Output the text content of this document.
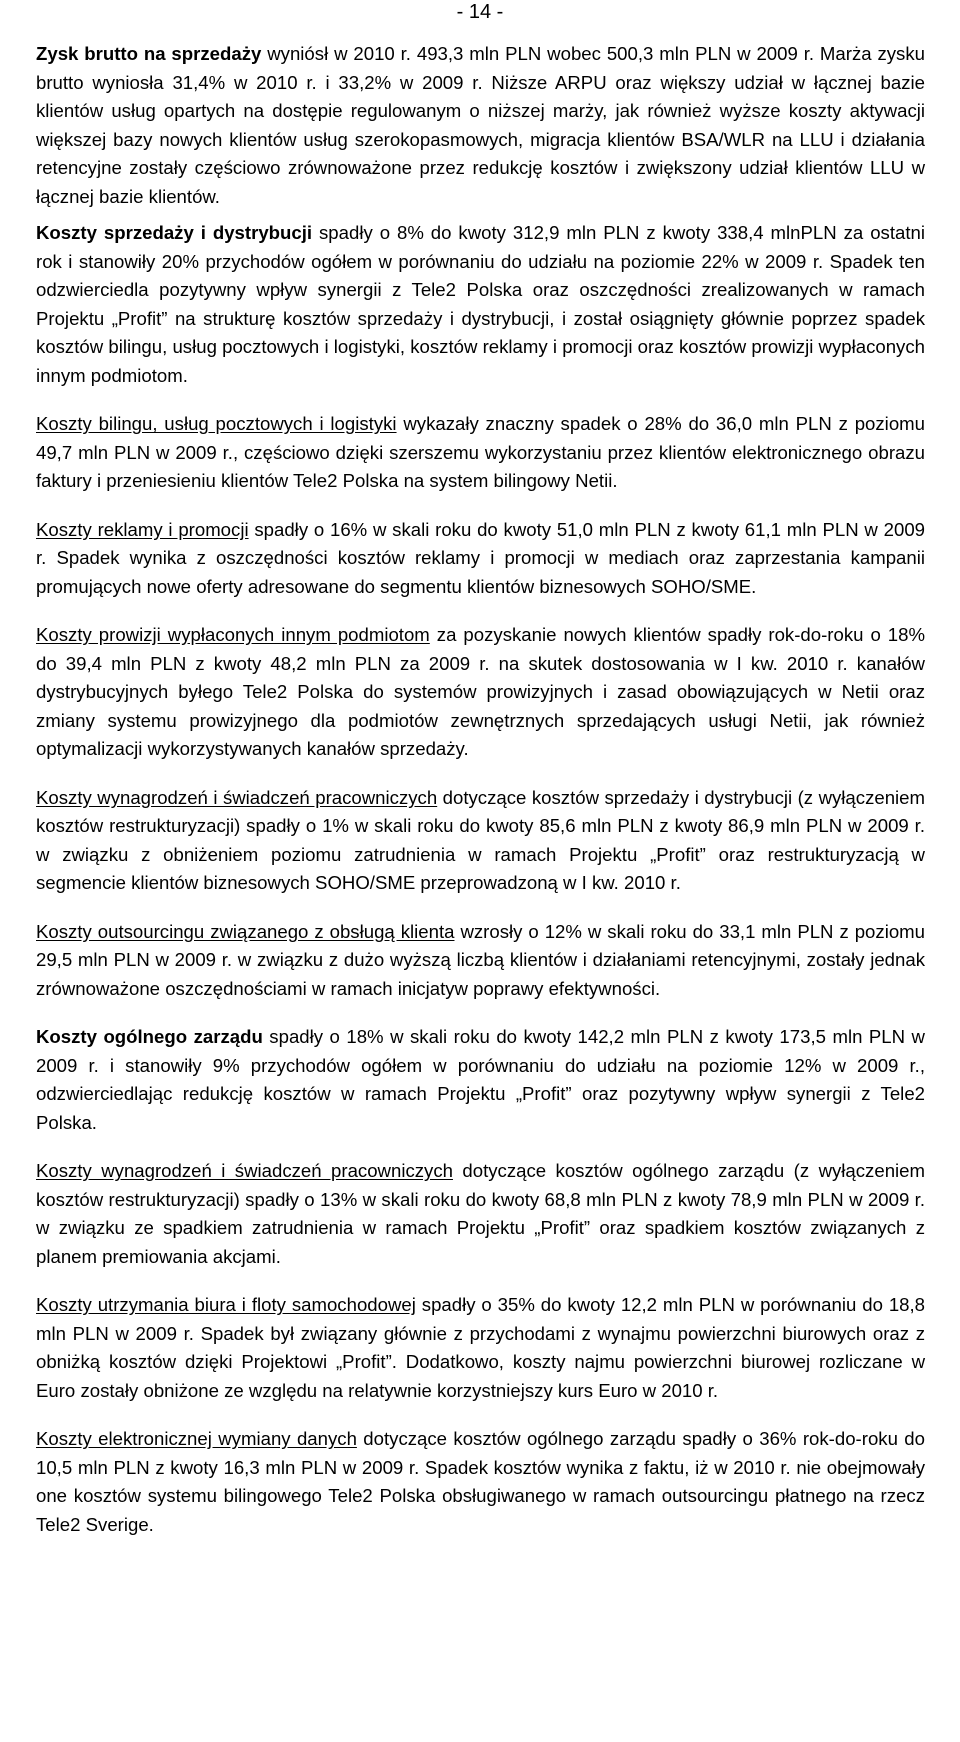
- 14 -

Zysk brutto na sprzedaży wyniósł w 2010 r. 493,3 mln PLN wobec 500,3 mln PLN w 2009 r. Marża zysku brutto wyniosła 31,4% w 2010 r. i 33,2% w 2009 r. Niższe ARPU oraz większy udział w łącznej bazie klientów usług opartych na dostępie regulowanym o niższej marży, jak również wyższe koszty aktywacji większej bazy nowych klientów usług szerokopasmowych, migracja klientów BSA/WLR na LLU i działania retencyjne zostały częściowo zrównoważone przez redukcję kosztów i zwiększony udział klientów LLU w łącznej bazie klientów.

Koszty sprzedaży i dystrybucji spadły o 8% do kwoty 312,9 mln PLN z kwoty 338,4 mlnPLN za ostatni rok i stanowiły 20% przychodów ogółem w porównaniu do udziału na poziomie 22% w 2009 r. Spadek ten odzwierciedla pozytywny wpływ synergii z Tele2 Polska oraz oszczędności zrealizowanych w ramach Projektu „Profit” na strukturę kosztów sprzedaży i dystrybucji, i został osiągnięty głównie poprzez spadek kosztów bilingu, usług pocztowych i logistyki, kosztów reklamy i promocji oraz kosztów prowizji wypłaconych innym podmiotom.

Koszty bilingu, usług pocztowych i logistyki wykazały znaczny spadek o 28% do 36,0 mln PLN z poziomu 49,7 mln PLN w 2009 r., częściowo dzięki szerszemu wykorzystaniu przez klientów elektronicznego obrazu faktury i przeniesieniu klientów Tele2 Polska na system bilingowy Netii.

Koszty reklamy i promocji spadły o 16% w skali roku do kwoty 51,0 mln PLN z kwoty 61,1 mln PLN w 2009 r. Spadek wynika z oszczędności kosztów reklamy i promocji w mediach oraz zaprzestania kampanii promujących nowe oferty adresowane do segmentu klientów biznesowych SOHO/SME.

Koszty prowizji wypłaconych innym podmiotom za pozyskanie nowych klientów spadły rok-do-roku o 18% do 39,4 mln PLN z kwoty 48,2 mln PLN za 2009 r. na skutek dostosowania w I kw. 2010 r. kanałów dystrybucyjnych byłego Tele2 Polska do systemów prowizyjnych i zasad obowiązujących w Netii oraz zmiany systemu prowizyjnego dla podmiotów zewnętrznych sprzedających usługi Netii, jak również optymalizacji wykorzystywanych kanałów sprzedaży.

Koszty wynagrodzeń i świadczeń pracowniczych dotyczące kosztów sprzedaży i dystrybucji (z wyłączeniem kosztów restrukturyzacji) spadły o 1% w skali roku do kwoty 85,6 mln PLN z kwoty 86,9 mln PLN w 2009 r. w związku z obniżeniem poziomu zatrudnienia w ramach Projektu „Profit” oraz restrukturyzacją w segmencie klientów biznesowych SOHO/SME przeprowadzoną w I kw. 2010 r.

Koszty outsourcingu związanego z obsługą klienta wzrosły o 12% w skali roku do 33,1 mln PLN z poziomu 29,5 mln PLN w 2009 r. w związku z dużo wyższą liczbą klientów i działaniami retencyjnymi, zostały jednak zrównoważone oszczędnościami w ramach inicjatyw poprawy efektywności.

Koszty ogólnego zarządu spadły o 18% w skali roku do kwoty 142,2 mln PLN z kwoty 173,5 mln PLN w 2009 r. i stanowiły 9% przychodów ogółem w porównaniu do udziału na poziomie 12% w 2009 r., odzwierciedlając redukcję kosztów w ramach Projektu „Profit” oraz pozytywny wpływ synergii z Tele2 Polska.

Koszty wynagrodzeń i świadczeń pracowniczych dotyczące kosztów ogólnego zarządu (z wyłączeniem kosztów restrukturyzacji) spadły o 13% w skali roku do kwoty 68,8 mln PLN z kwoty 78,9 mln PLN w 2009 r. w związku ze spadkiem zatrudnienia w ramach Projektu „Profit” oraz spadkiem kosztów związanych z planem premiowania akcjami.

Koszty utrzymania biura i floty samochodowej spadły o 35% do kwoty 12,2 mln PLN w porównaniu do 18,8 mln PLN w 2009 r. Spadek był związany głównie z przychodami z wynajmu powierzchni biurowych oraz z obniżką kosztów dzięki Projektowi „Profit”. Dodatkowo, koszty najmu powierzchni biurowej rozliczane w Euro zostały obniżone ze względu na relatywnie korzystniejszy kurs Euro w 2010 r.

Koszty elektronicznej wymiany danych dotyczące kosztów ogólnego zarządu spadły o 36% rok-do-roku do 10,5 mln PLN z kwoty 16,3 mln PLN w 2009 r. Spadek kosztów wynika z faktu, iż w 2010 r. nie obejmowały one kosztów systemu bilingowego Tele2 Polska obsługiwanego w ramach outsourcingu płatnego na rzecz Tele2 Sverige.
